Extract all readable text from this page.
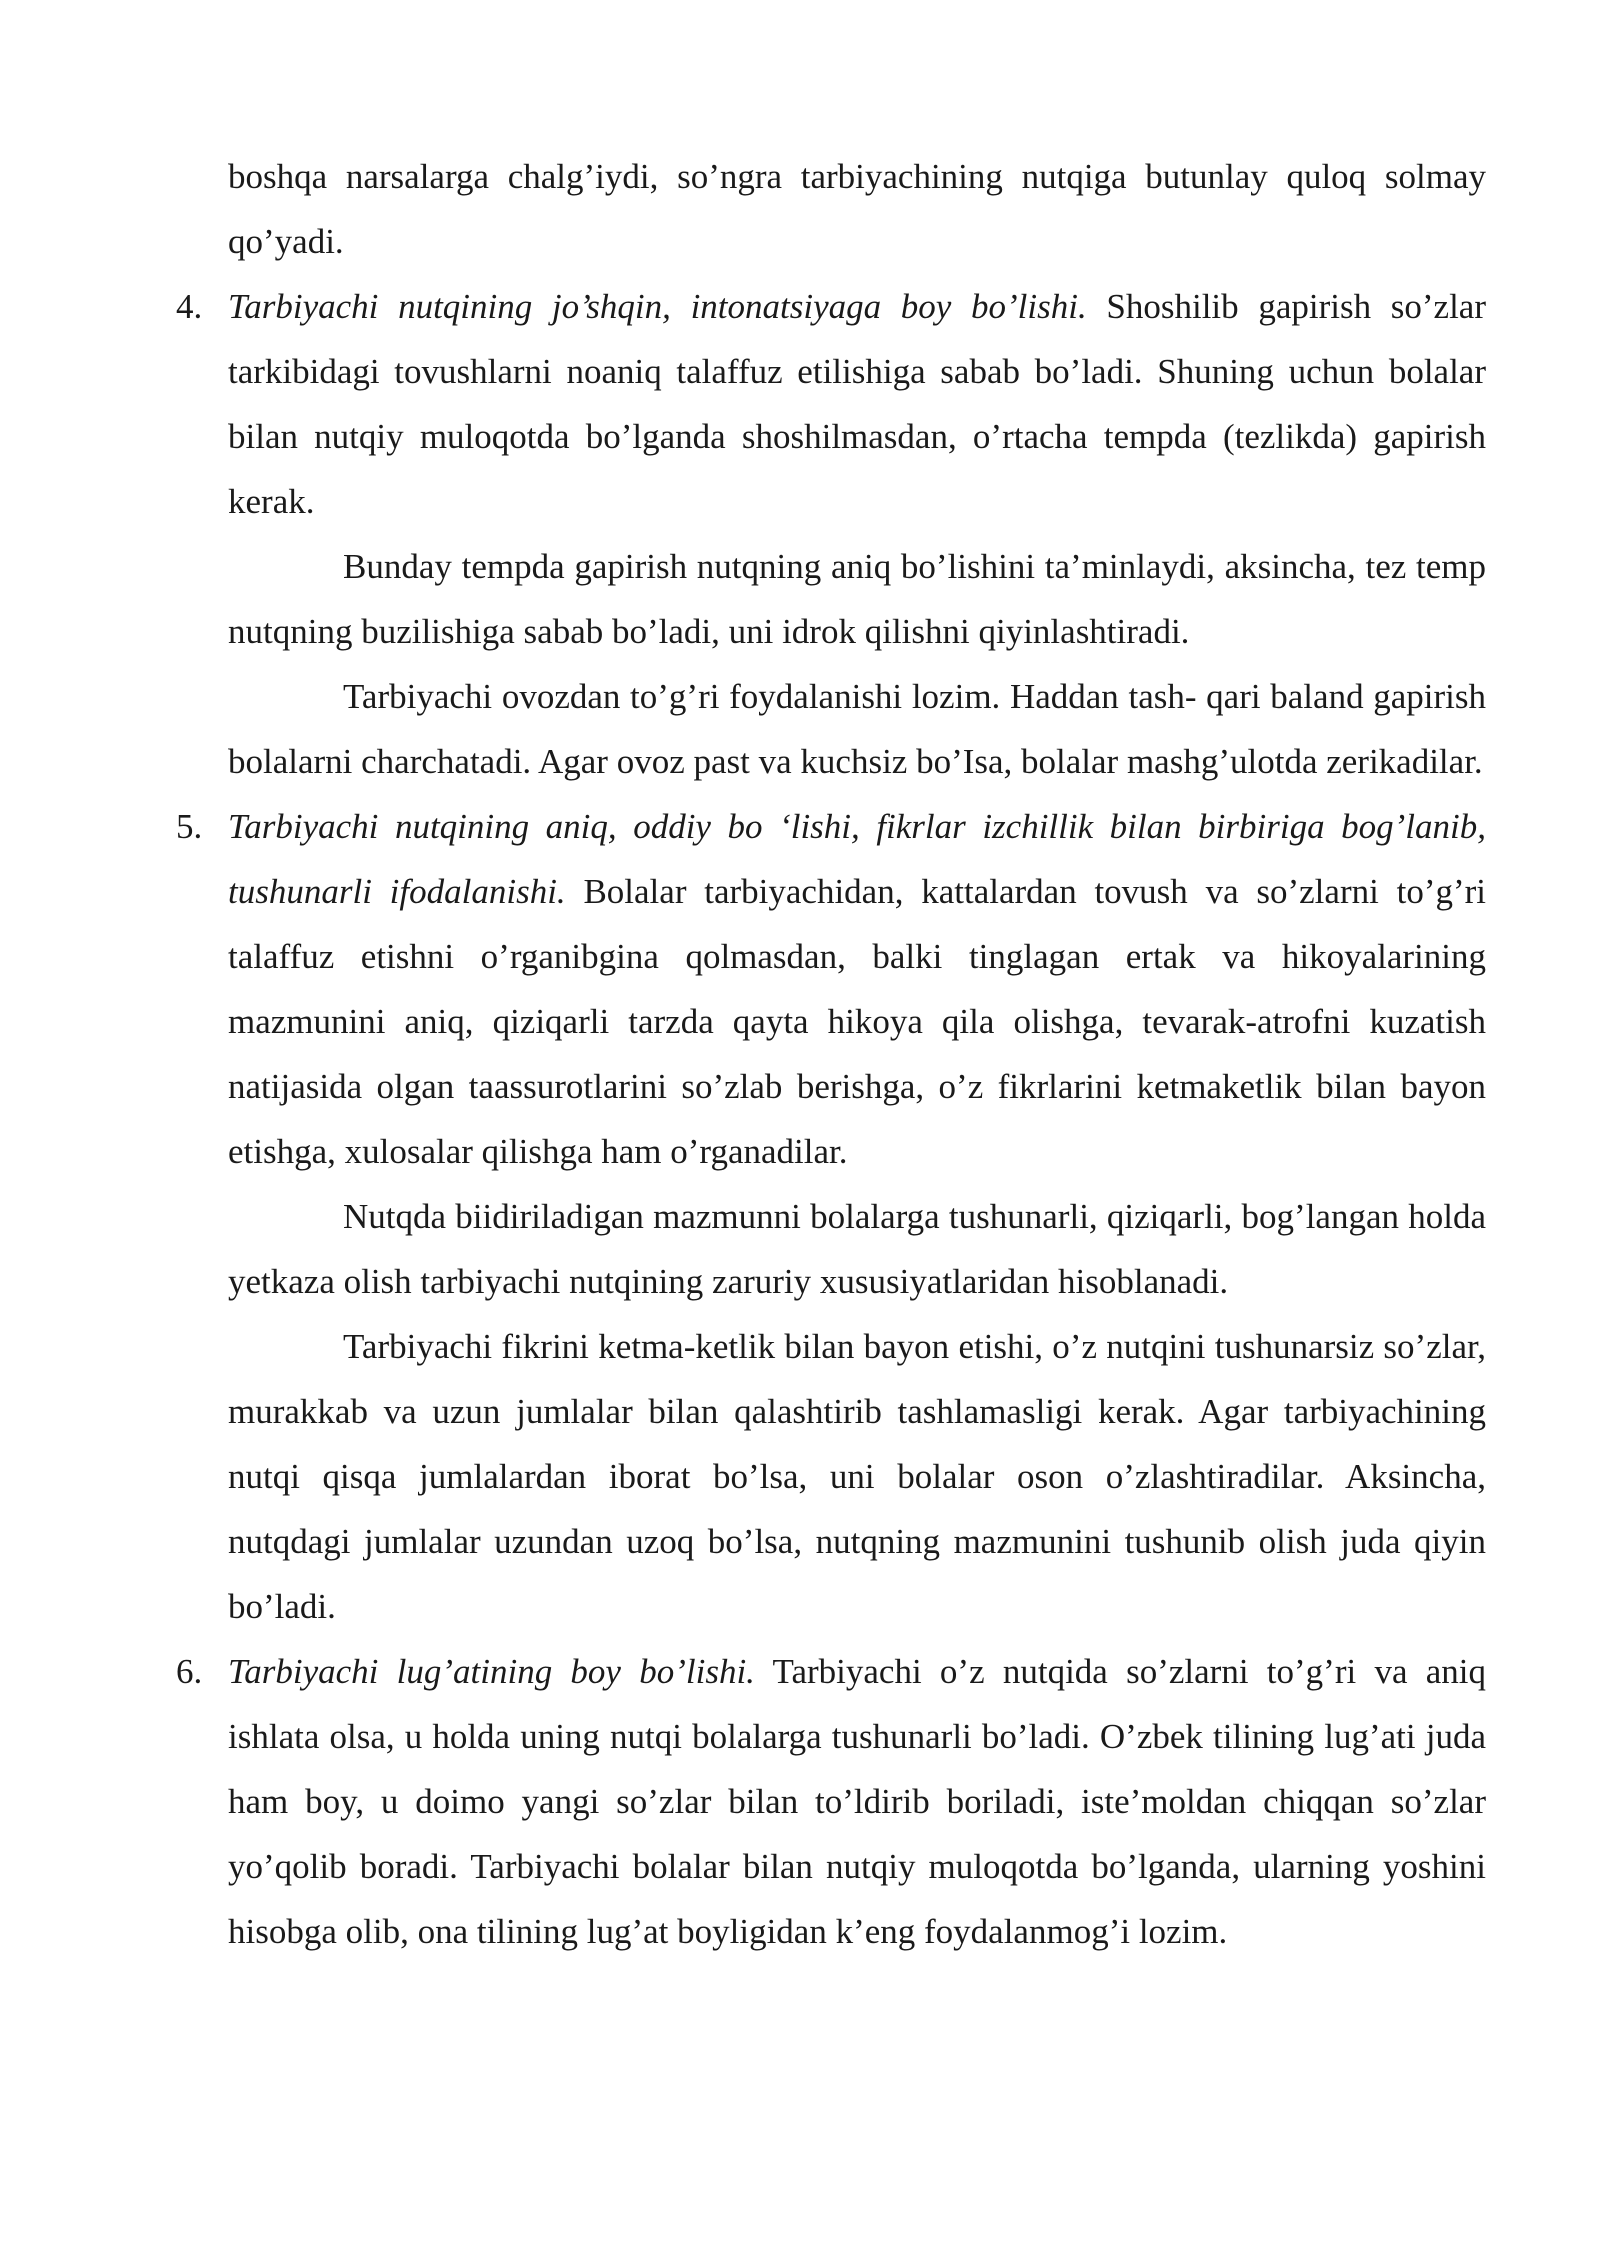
boshqa narsalarga chalg’iydi, so’ngra tarbiyachining nutqiga butunlay quloq solmay qo’yadi.

4. Tarbiyachi nutqining jo’shqin, intonatsiyaga boy bo’lishi. Shoshilib gapirish so’zlar tarkibidagi tovushlarni noaniq talaffuz etilishiga sabab bo’ladi. Shuning uchun bolalar bilan nutqiy muloqotda bo’lganda shoshilmasdan, o’rtacha tempda (tezlikda) gapirish kerak.

Bunday tempda gapirish nutqning aniq bo’lishini ta’minlaydi, aksincha, tez temp nutqning buzilishiga sabab bo’ladi, uni idrok qilishni qiyinlashtiradi.

Tarbiyachi ovozdan to’g’ri foydalanishi lozim. Haddan tash- qari baland gapirish bolalarni charchatadi. Agar ovoz past va kuchsiz bo’Isa, bolalar mashg’ulotda zerikadilar.

5. Tarbiyachi nutqining aniq, oddiy bo ‘lishi, fikrlar izchillik bilan birbiriga bog’lanib, tushunarli ifodalanishi. Bolalar tarbiyachidan, kattalardan tovush va so’zlarni to’g’ri talaffuz etishni o’rganibgina qolmasdan, balki tinglagan ertak va hikoyalarining mazmunini aniq, qiziqarli tarzda qayta hikoya qila olishga, tevarak-atrofni kuzatish natijasida olgan taassurotlarini so’zlab berishga, o’z fikrlarini ketmaketlik bilan bayon etishga, xulosalar qilishga ham o’rganadilar.

Nutqda biidiriladigan mazmunni bolalarga tushunarli, qiziqarli, bog’langan holda yetkaza olish tarbiyachi nutqining zaruriy xususiyatlaridan hisoblanadi.

Tarbiyachi fikrini ketma-ketlik bilan bayon etishi, o’z nutqini tushunarsiz so’zlar, murakkab va uzun jumlalar bilan qalashtirib tashlamasligi kerak. Agar tarbiyachining nutqi qisqa jumlalardan iborat bo’lsa, uni bolalar oson o’zlashtiradilar. Aksincha, nutqdagi jumlalar uzundan uzoq bo’lsa, nutqning mazmunini tushunib olish juda qiyin bo’ladi.

6. Tarbiyachi lug’atining boy bo’lishi. Tarbiyachi o’z nutqida so’zlarni to’g’ri va aniq ishlata olsa, u holda uning nutqi bolalarga tushunarli bo’ladi. O’zbek tilining lug’ati juda ham boy, u doimo yangi so’zlar bilan to’ldirib boriladi, iste’moldan chiqqan so’zlar yo’qolib boradi. Tarbiyachi bolalar bilan nutqiy muloqotda bo’lganda, ularning yoshini hisobga olib, ona tilining lug’at boyligidan k’eng foydalanmog’i lozim.
